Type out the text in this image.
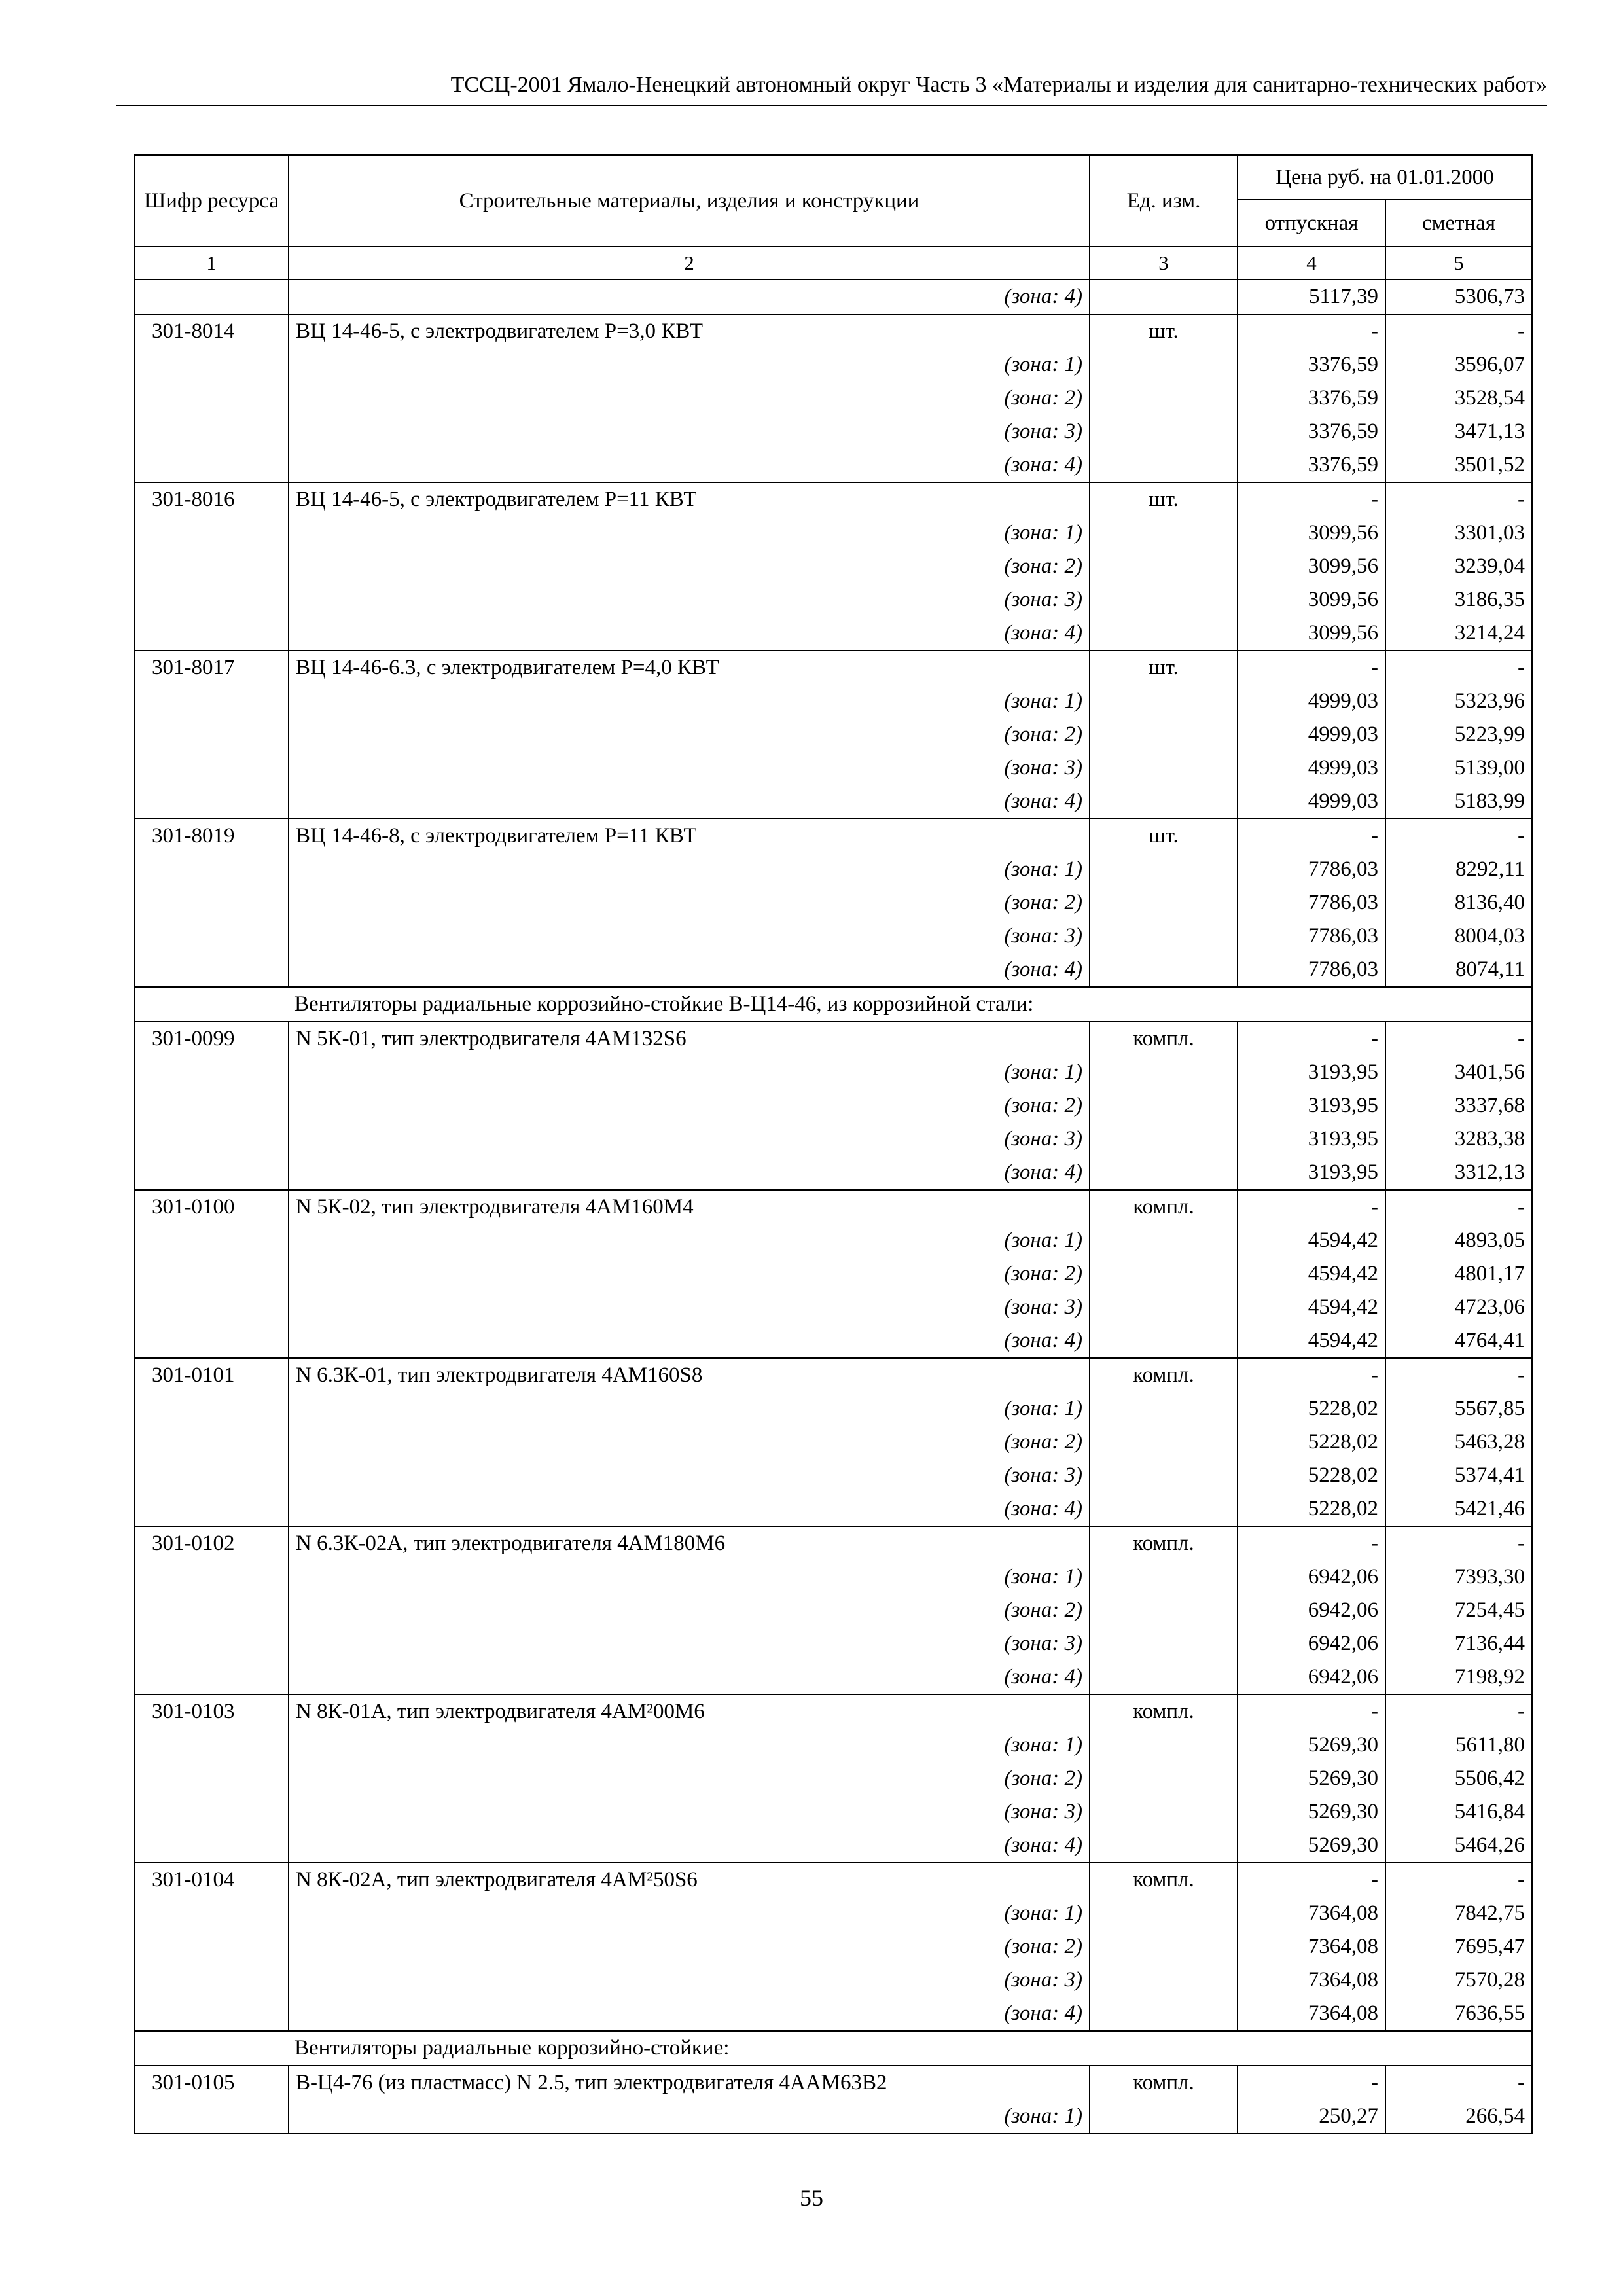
ТССЦ-2001 Ямало-Ненецкий автономный округ Часть 3 «Материалы и изделия для санитарно-технических работ»
Шифр ресурса	Строительные материалы, изделия и конструкции	Ед. изм.	Цена руб. на 01.01.2000	
			отпускная	сметная
1	2	3	4	5
	(зона: 4)		5117,39	5306,73
301-8014	ВЦ 14-46-5, с электродвигателем Р=3,0 КВТ	шт.	-	-
	(зона: 1)		3376,59	3596,07
	(зона: 2)		3376,59	3528,54
	(зона: 3)		3376,59	3471,13
	(зона: 4)		3376,59	3501,52
301-8016	ВЦ 14-46-5, с электродвигателем Р=11 КВТ	шт.	-	-
	(зона: 1)		3099,56	3301,03
	(зона: 2)		3099,56	3239,04
	(зона: 3)		3099,56	3186,35
	(зона: 4)		3099,56	3214,24
301-8017	ВЦ 14-46-6.3, с электродвигателем Р=4,0 КВТ	шт.	-	-
	(зона: 1)		4999,03	5323,96
	(зона: 2)		4999,03	5223,99
	(зона: 3)		4999,03	5139,00
	(зона: 4)		4999,03	5183,99
301-8019	ВЦ 14-46-8, с электродвигателем Р=11 КВТ	шт.	-	-
	(зона: 1)		7786,03	8292,11
	(зона: 2)		7786,03	8136,40
	(зона: 3)		7786,03	8004,03
	(зона: 4)		7786,03	8074,11
Вентиляторы радиальные коррозийно-стойкие В-Ц14-46, из коррозийной стали:				
301-0099	N 5К-01, тип электродвигателя 4АМ132S6	компл.	-	-
	(зона: 1)		3193,95	3401,56
	(зона: 2)		3193,95	3337,68
	(зона: 3)		3193,95	3283,38
	(зона: 4)		3193,95	3312,13
301-0100	N 5К-02, тип электродвигателя 4АМ160М4	компл.	-	-
	(зона: 1)		4594,42	4893,05
	(зона: 2)		4594,42	4801,17
	(зона: 3)		4594,42	4723,06
	(зона: 4)		4594,42	4764,41
301-0101	N 6.3К-01, тип электродвигателя 4АМ160S8	компл.	-	-
	(зона: 1)		5228,02	5567,85
	(зона: 2)		5228,02	5463,28
	(зона: 3)		5228,02	5374,41
	(зона: 4)		5228,02	5421,46
301-0102	N 6.3К-02А, тип электродвигателя 4АМ180М6	компл.	-	-
	(зона: 1)		6942,06	7393,30
	(зона: 2)		6942,06	7254,45
	(зона: 3)		6942,06	7136,44
	(зона: 4)		6942,06	7198,92
301-0103	N 8К-01А, тип электродвигателя 4АМ²00М6	компл.	-	-
	(зона: 1)		5269,30	5611,80
	(зона: 2)		5269,30	5506,42
	(зона: 3)		5269,30	5416,84
	(зона: 4)		5269,30	5464,26
301-0104	N 8К-02А, тип электродвигателя 4АМ²50S6	компл.	-	-
	(зона: 1)		7364,08	7842,75
	(зона: 2)		7364,08	7695,47
	(зона: 3)		7364,08	7570,28
	(зона: 4)		7364,08	7636,55
Вентиляторы радиальные коррозийно-стойкие:				
301-0105	В-Ц4-76 (из пластмасс) N 2.5, тип электродвигателя 4ААМ63В2	компл.	-	-
	(зона: 1)		250,27	266,54
55
